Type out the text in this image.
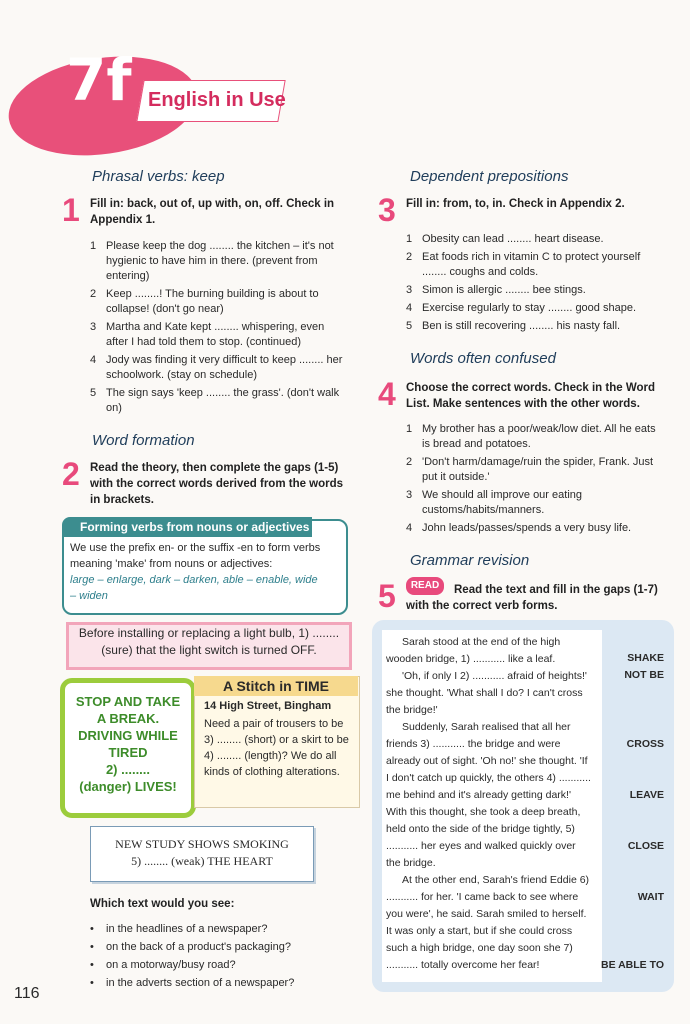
7f English in Use
Phrasal verbs: keep
1 Fill in: back, out of, up with, on, off. Check in Appendix 1.
1 Please keep the dog ........ the kitchen – it's not hygienic to have him in there. (prevent from entering)
2 Keep ........! The burning building is about to collapse! (don't go near)
3 Martha and Kate kept ........ whispering, even after I had told them to stop. (continued)
4 Jody was finding it very difficult to keep ........ her schoolwork. (stay on schedule)
5 The sign says 'keep ........ the grass'. (don't walk on)
Word formation
2 Read the theory, then complete the gaps (1-5) with the correct words derived from the words in brackets.
Forming verbs from nouns or adjectives
We use the prefix en- or the suffix -en to form verbs meaning 'make' from nouns or adjectives:
large – enlarge, dark – darken, able – enable, wide – widen
Before installing or replacing a light bulb, 1) ........ (sure) that the light switch is turned OFF.
STOP AND TAKE
A BREAK.
DRIVING WHILE
TIRED
2) ........
(danger) LIVES!
A Stitch in TIME
14 High Street, Bingham
Need a pair of trousers to be 3) ........ (short) or a skirt to be 4) ........ (length)? We do all kinds of clothing alterations.
NEW STUDY SHOWS SMOKING
5) ........ (weak) THE HEART
Which text would you see:
• in the headlines of a newspaper?
• on the back of a product's packaging?
• on a motorway/busy road?
• in the adverts section of a newspaper?
Dependent prepositions
3 Fill in: from, to, in. Check in Appendix 2.
1 Obesity can lead ........ heart disease.
2 Eat foods rich in vitamin C to protect yourself ........ coughs and colds.
3 Simon is allergic ........ bee stings.
4 Exercise regularly to stay ........ good shape.
5 Ben is still recovering ........ his nasty fall.
Words often confused
4 Choose the correct words. Check in the Word List. Make sentences with the other words.
1 My brother has a poor/weak/low diet. All he eats is bread and potatoes.
2 'Don't harm/damage/ruin the spider, Frank. Just put it outside.'
3 We should all improve our eating customs/habits/manners.
4 John leads/passes/spends a very busy life.
Grammar revision
5	READ	Read the text and fill in the gaps (1-7) with the correct verb forms.
Sarah stood at the end of the high wooden bridge, 1) ........... like a leaf.
'Oh, if only I 2) ........... afraid of heights!' she thought. 'What shall I do? I can't cross the bridge!'
Suddenly, Sarah realised that all her friends 3) ........... the bridge and were already out of sight. 'Oh no!' she thought. 'If I don't catch up quickly, the others 4) ........... me behind and it's already getting dark!' With this thought, she took a deep breath, held onto the side of the bridge tightly, 5) ........... her eyes and walked quickly over the bridge.
At the other end, Sarah's friend Eddie 6) ........... for her. 'I came back to see where you were', he said. Sarah smiled to herself. It was only a start, but if she could cross such a high bridge, one day soon she 7) ........... totally overcome her fear!
SHAKE
NOT BE
CROSS
LEAVE
CLOSE
WAIT
BE ABLE TO
116
